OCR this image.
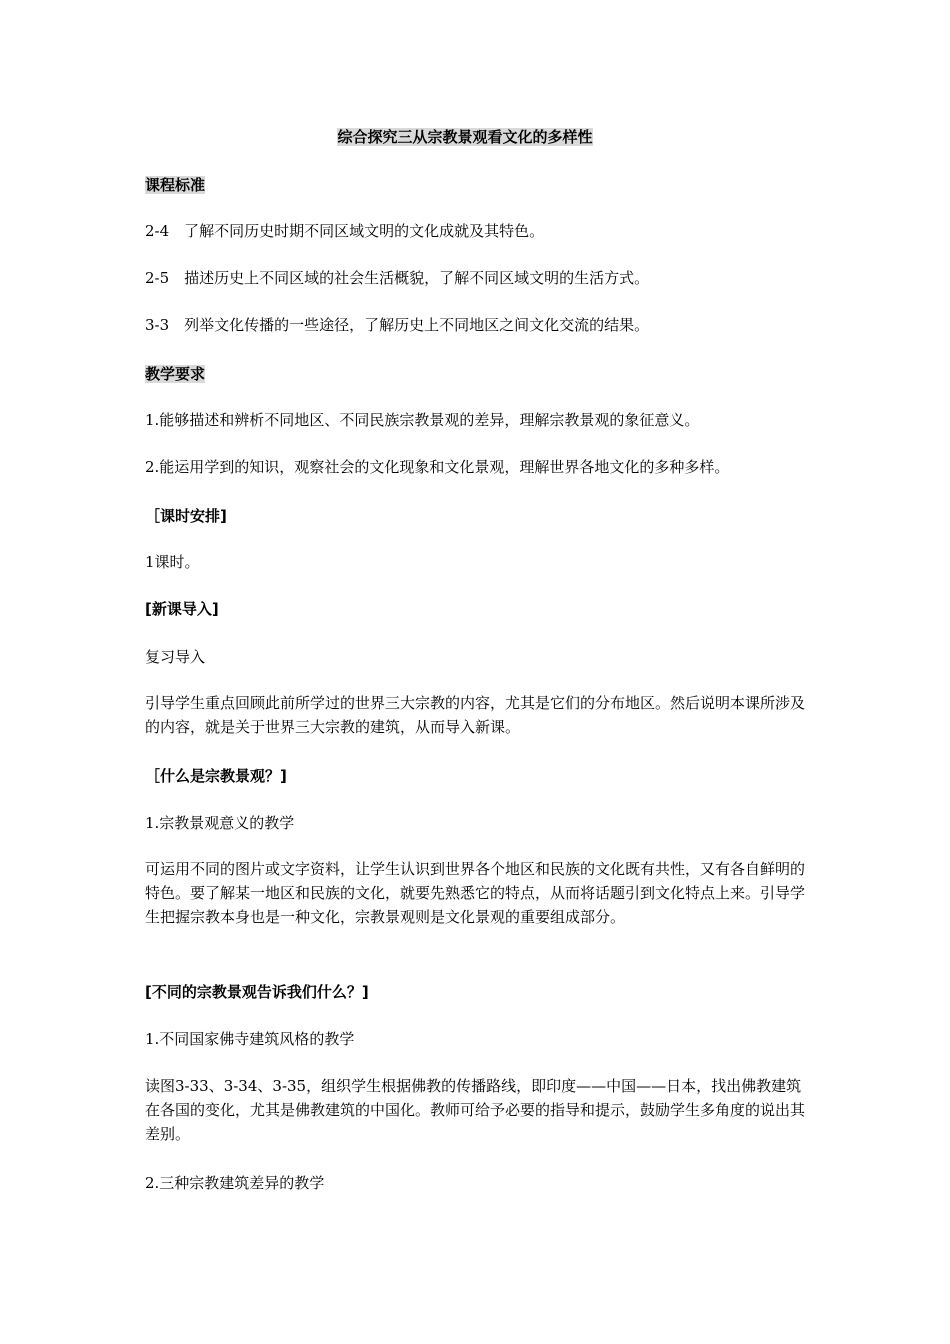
综合探究三从宗教景观看文化的多样性
课程标准

2-4　了解不同历史时期不同区域文明的文化成就及其特色。

2-5　描述历史上不同区域的社会生活概貌，了解不同区域文明的生活方式。

3-3　列举文化传播的一些途径，了解历史上不同地区之间文化交流的结果。

教学要求

1.能够描述和辨析不同地区、不同民族宗教景观的差异，理解宗教景观的象征意义。

2.能运用学到的知识，观察社会的文化现象和文化景观，理解世界各地文化的多种多样。

［课时安排]

1课时。

[新课导入]

复习导入

引导学生重点回顾此前所学过的世界三大宗教的内容，尤其是它们的分布地区。然后说明本课所涉及的内容，就是关于世界三大宗教的建筑，从而导入新课。

［什么是宗教景观？]

1.宗教景观意义的教学

可运用不同的图片或文字资料，让学生认识到世界各个地区和民族的文化既有共性，又有各自鲜明的特色。要了解某一地区和民族的文化，就要先熟悉它的特点，从而将话题引到文化特点上来。引导学生把握宗教本身也是一种文化，宗教景观则是文化景观的重要组成部分。

[不同的宗教景观告诉我们什么？]

1.不同国家佛寺建筑风格的教学

读图3-33、3-34、3-35，组织学生根据佛教的传播路线，即印度——中国——日本，找出佛教建筑在各国的变化，尤其是佛教建筑的中国化。教师可给予必要的指导和提示，鼓励学生多角度的说出其差别。

2.三种宗教建筑差异的教学
